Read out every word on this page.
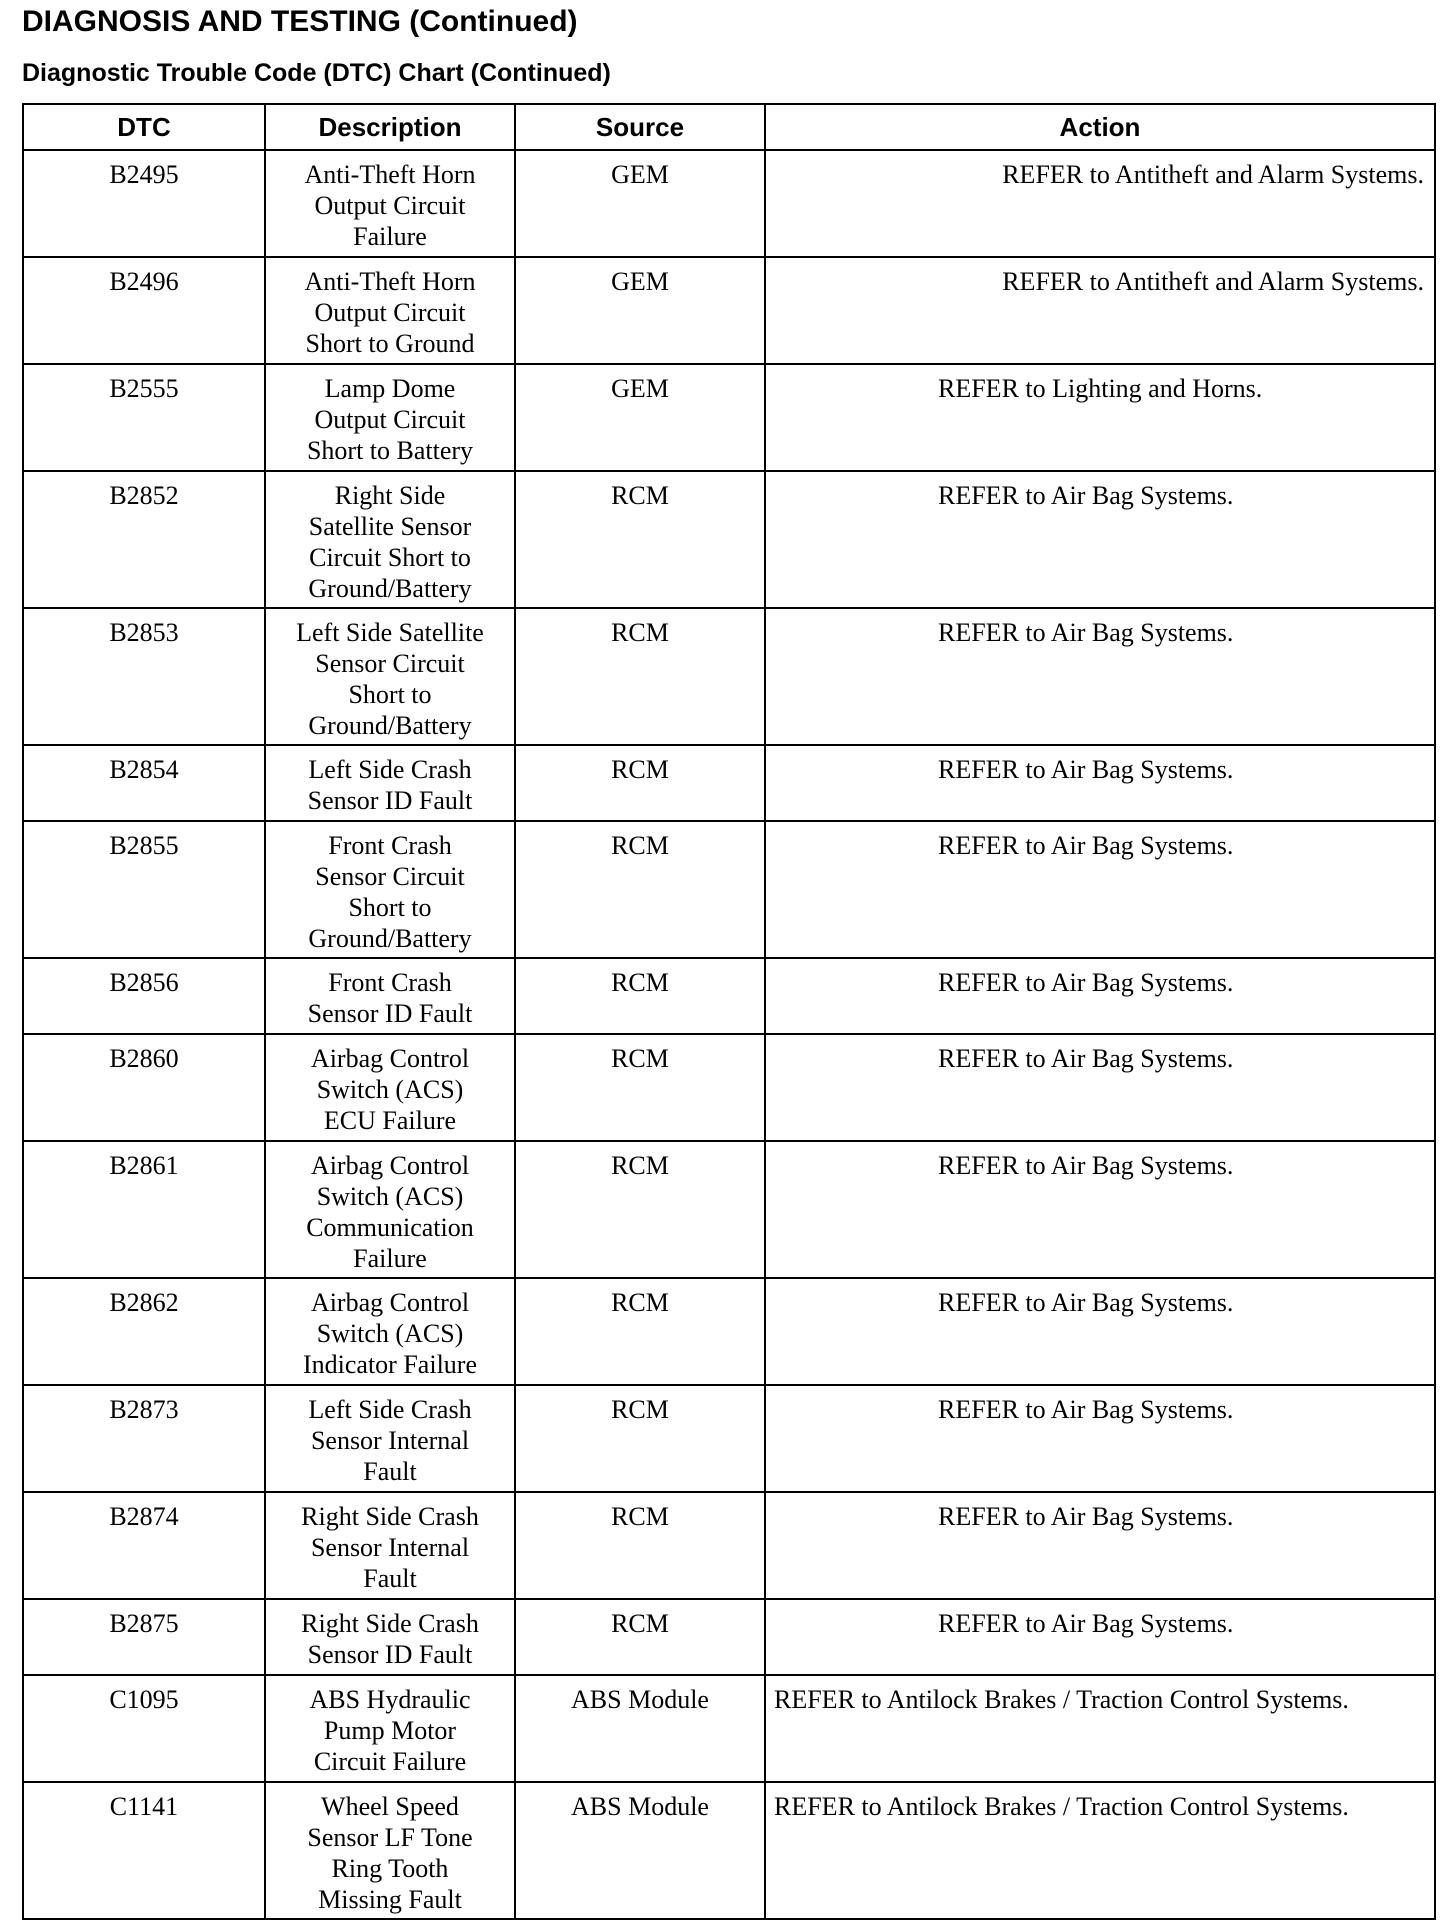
DIAGNOSIS AND TESTING (Continued)
Diagnostic Trouble Code (DTC) Chart (Continued)
DTC	Description	Source	Action
B2495	Anti-Theft Horn
Output Circuit
Failure	GEM	REFER to Antitheft and Alarm Systems.
B2496	Anti-Theft Horn
Output Circuit
Short to Ground	GEM	REFER to Antitheft and Alarm Systems.
B2555	Lamp Dome
Output Circuit
Short to Battery	GEM	REFER to Lighting and Horns.
B2852	Right Side
Satellite Sensor
Circuit Short to
Ground/Battery	RCM	REFER to Air Bag Systems.
B2853	Left Side Satellite
Sensor Circuit
Short to
Ground/Battery	RCM	REFER to Air Bag Systems.
B2854	Left Side Crash
Sensor ID Fault	RCM	REFER to Air Bag Systems.
B2855	Front Crash
Sensor Circuit
Short to
Ground/Battery	RCM	REFER to Air Bag Systems.
B2856	Front Crash
Sensor ID Fault	RCM	REFER to Air Bag Systems.
B2860	Airbag Control
Switch (ACS)
ECU Failure	RCM	REFER to Air Bag Systems.
B2861	Airbag Control
Switch (ACS)
Communication
Failure	RCM	REFER to Air Bag Systems.
B2862	Airbag Control
Switch (ACS)
Indicator Failure	RCM	REFER to Air Bag Systems.
B2873	Left Side Crash
Sensor Internal
Fault	RCM	REFER to Air Bag Systems.
B2874	Right Side Crash
Sensor Internal
Fault	RCM	REFER to Air Bag Systems.
B2875	Right Side Crash
Sensor ID Fault	RCM	REFER to Air Bag Systems.
C1095	ABS Hydraulic
Pump Motor
Circuit Failure	ABS Module	REFER to Antilock Brakes / Traction Control Systems.
C1141	Wheel Speed
Sensor LF Tone
Ring Tooth
Missing Fault	ABS Module	REFER to Antilock Brakes / Traction Control Systems.
